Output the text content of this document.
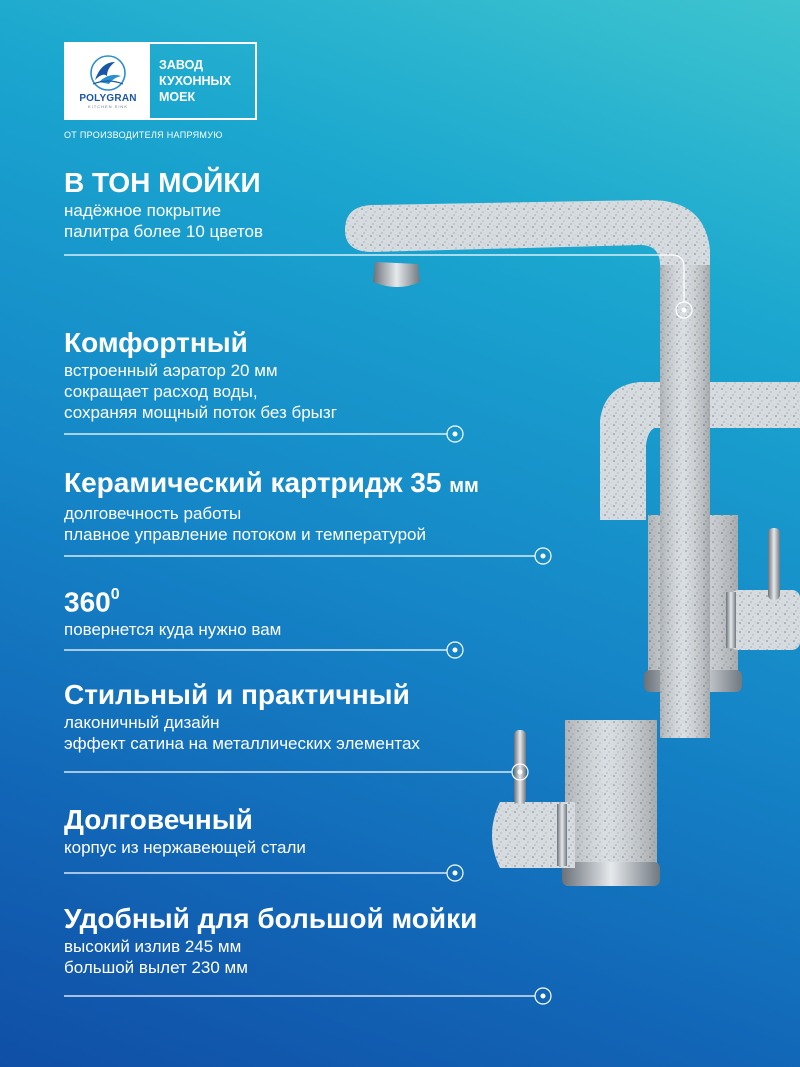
POLYGRAN
KITCHEN SINK
ЗАВОД
КУХОННЫХ
МОЕК
ОТ ПРОИЗВОДИТЕЛЯ НАПРЯМУЮ
В ТОН МОЙКИ

надёжное покрытие

палитра более 10 цветов

Комфортный

встроенный аэратор 20 мм

сокращает расход воды,

сохраняя мощный поток без брызг

Керамический картридж 35 мм

долговечность работы

плавное управление потоком и температурой

$360^0$

повернется куда нужно вам

Стильный и практичный

лаконичный дизайн

эффект сатина на металлических элементах

Долговечный

корпус из нержавеющей стали

Удобный для большой мойки

высокий излив 245 мм

большой вылет 230 мм
